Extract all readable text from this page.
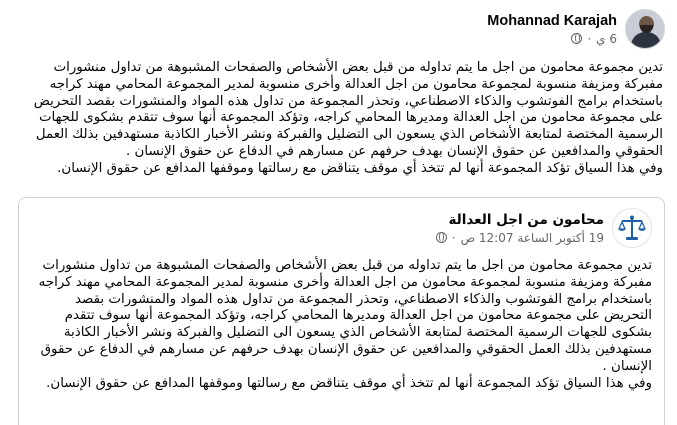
Mohannad Karajah
6 ي
·
تدين مجموعة محامون من اجل ما يتم تداوله من قبل بعض الأشخاص والصفحات المشبوهة من تداول منشورات
مفبركة ومزيفة منسوبة لمجموعة محامون من اجل العدالة وأخرى منسوبة لمدير المجموعة المحامي مهند كراجه
باستخدام برامج الفوتشوب والذكاء الاصطناعي، وتحذر المجموعة من تداول هذه المواد والمنشورات بقصد التحريض
على مجموعة محامون من اجل العدالة ومديرها المحامي كراجه، وتؤكد المجموعة أنها سوف تتقدم بشكوى للجهات
الرسمية المختصة لمتابعة الأشخاص الذي يسعون الى التضليل والفبركة ونشر الأخبار الكاذبة مستهدفين بذلك العمل
الحقوقي والمدافعين عن حقوق الإنسان بهدف حرفهم عن مسارهم في الدفاع عن حقوق الإنسان .
وفي هذا السياق تؤكد المجموعة أنها لم تتخذ أي موقف يتناقض مع رسالتها وموقفها المدافع عن حقوق الإنسان.
محامون من اجل العدالة
19 أكتوبر الساعة 12:07 ص
·
تدين مجموعة محامون من اجل ما يتم تداوله من قبل بعض الأشخاص والصفحات المشبوهة من تداول منشورات
مفبركة ومزيفة منسوبة لمجموعة محامون من اجل العدالة وأخرى منسوبة لمدير المجموعة المحامي مهند كراجه
باستخدام برامج الفوتشوب والذكاء الاصطناعي، وتحذر المجموعة من تداول هذه المواد والمنشورات بقصد
التحريض على مجموعة محامون من اجل العدالة ومديرها المحامي كراجه، وتؤكد المجموعة أنها سوف تتقدم
بشكوى للجهات الرسمية المختصة لمتابعة الأشخاص الذي يسعون الى التضليل والفبركة ونشر الأخبار الكاذبة
مستهدفين بذلك العمل الحقوقي والمدافعين عن حقوق الإنسان بهدف حرفهم عن مسارهم في الدفاع عن حقوق
الإنسان .
وفي هذا السياق تؤكد المجموعة أنها لم تتخذ أي موقف يتناقض مع رسالتها وموقفها المدافع عن حقوق الإنسان.
